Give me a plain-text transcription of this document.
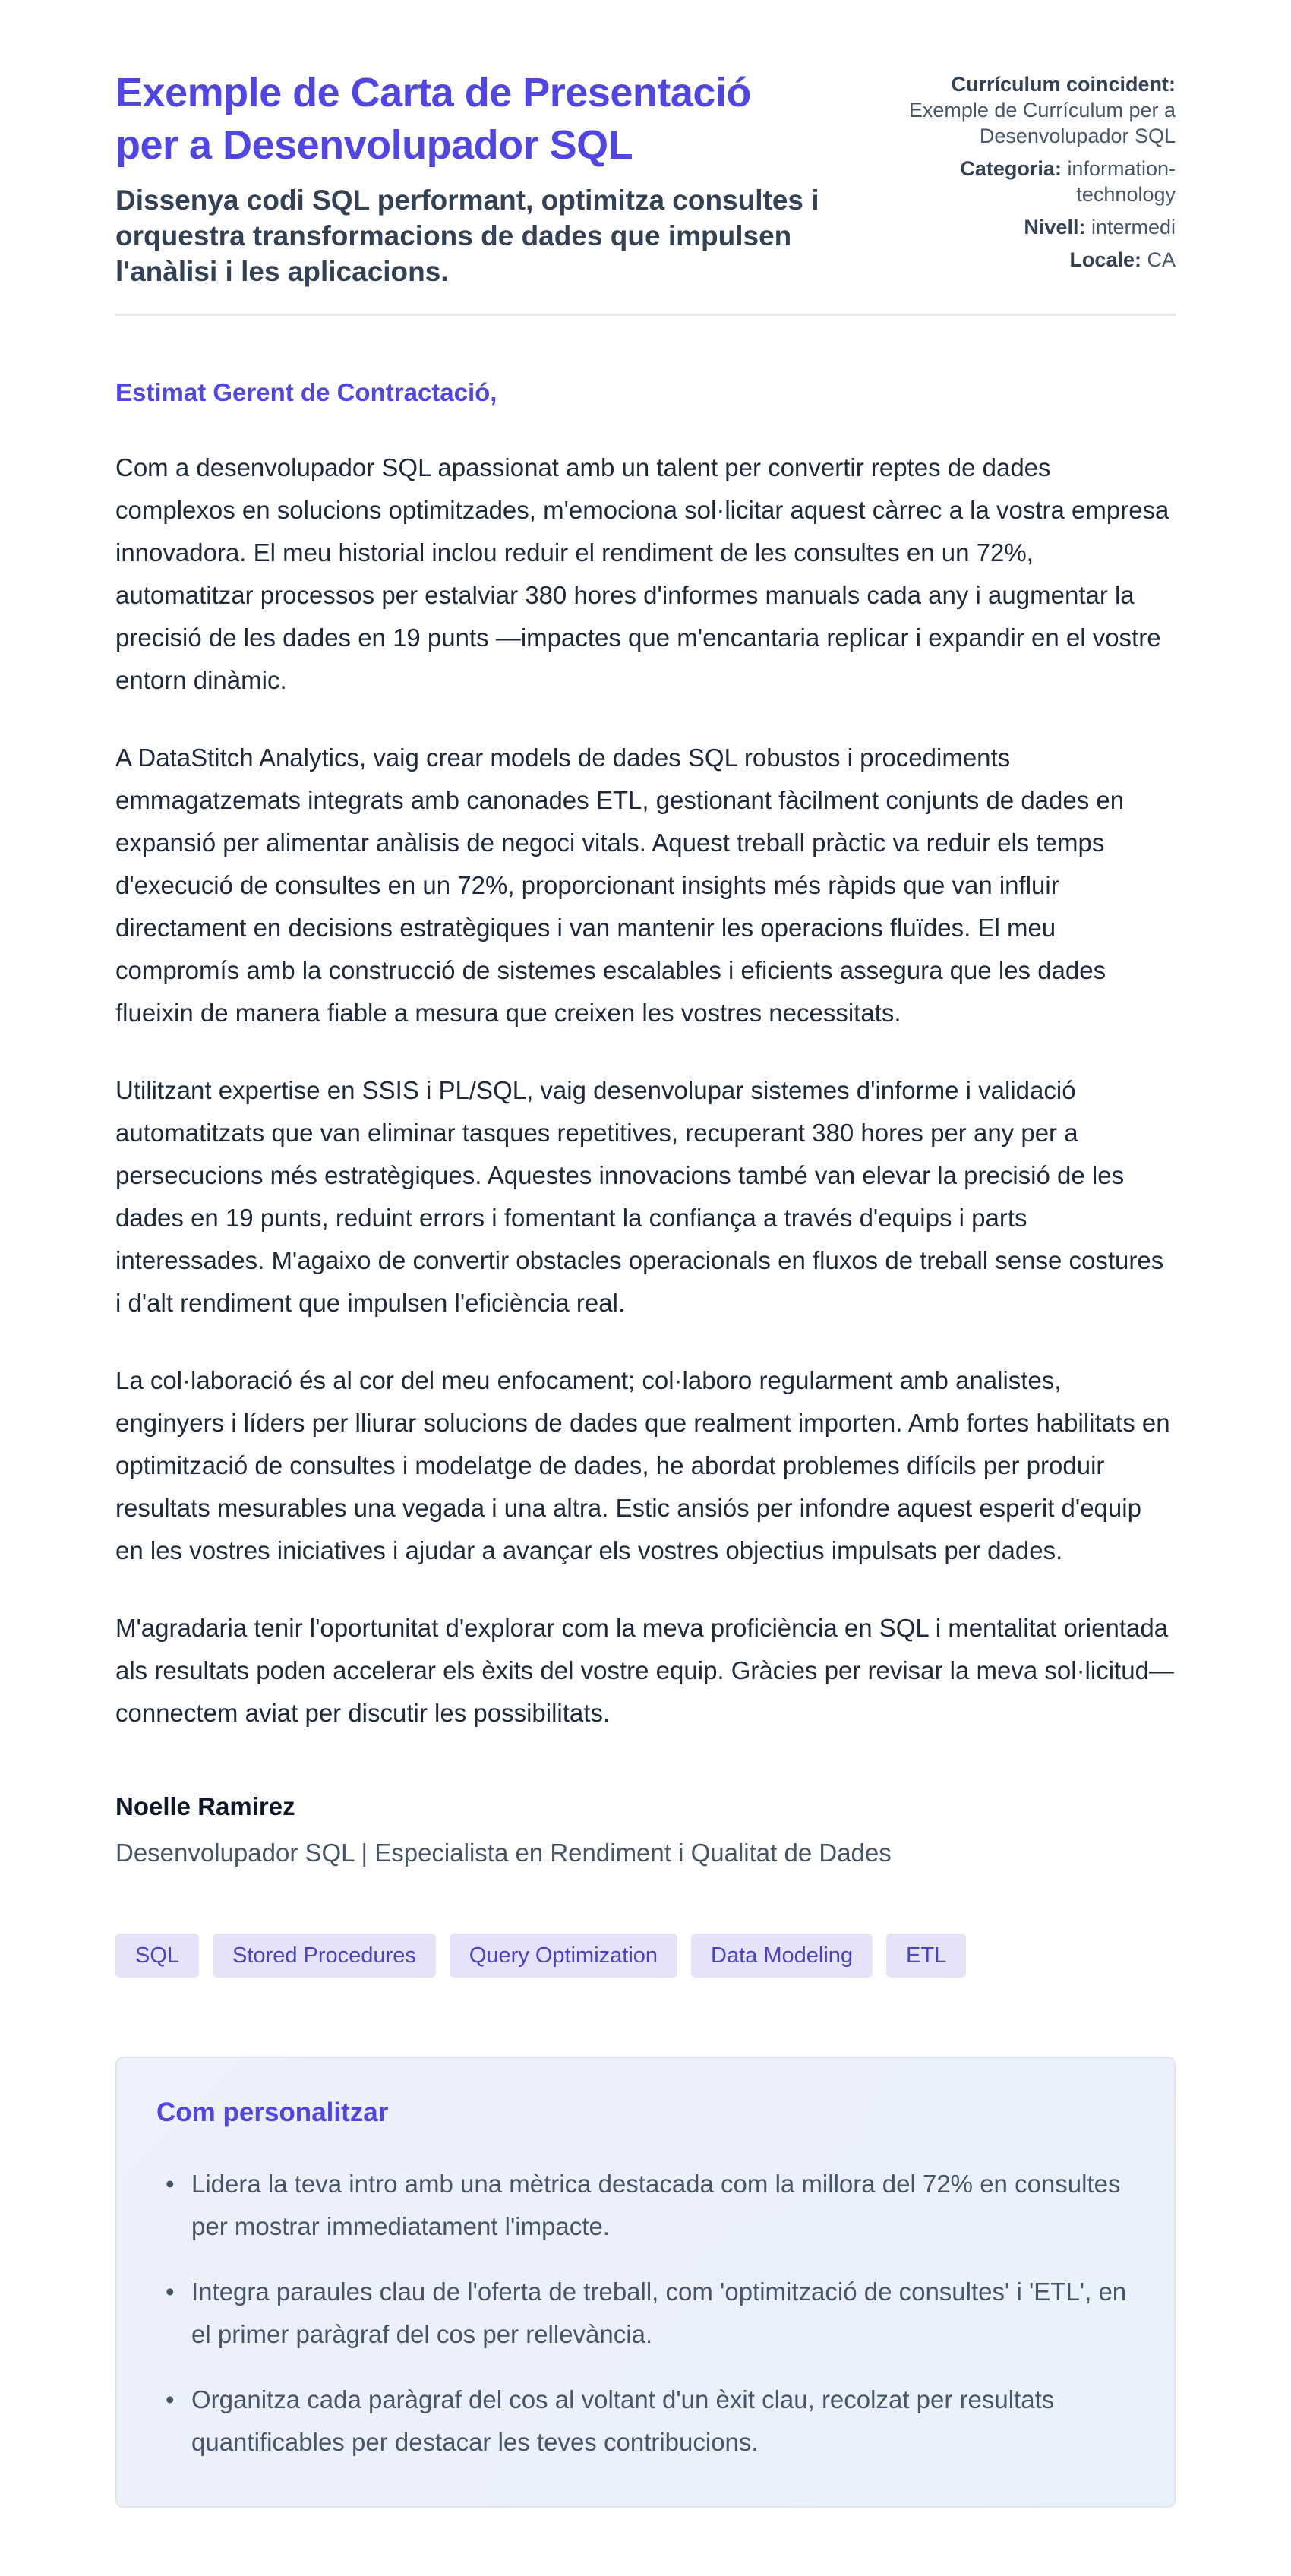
Exemple de Carta de Presentació per a Desenvolupador SQL

Dissenya codi SQL performant, optimitza consultes i orquestra transformacions de dades que impulsen l'anàlisi i les aplicacions.

Currículum coincident: Exemple de Currículum per a Desenvolupador SQL

Categoria: information-technology

Nivell: intermedi

Locale: CA

Estimat Gerent de Contractació,

Com a desenvolupador SQL apassionat amb un talent per convertir reptes de dades complexos en solucions optimitzades, m'emociona sol·licitar aquest càrrec a la vostra empresa innovadora. El meu historial inclou reduir el rendiment de les consultes en un 72%, automatitzar processos per estalviar 380 hores d'informes manuals cada any i augmentar la precisió de les dades en 19 punts —impactes que m'encantaria replicar i expandir en el vostre entorn dinàmic.

A DataStitch Analytics, vaig crear models de dades SQL robustos i procediments emmagatzemats integrats amb canonades ETL, gestionant fàcilment conjunts de dades en expansió per alimentar anàlisis de negoci vitals. Aquest treball pràctic va reduir els temps d'execució de consultes en un 72%, proporcionant insights més ràpids que van influir directament en decisions estratègiques i van mantenir les operacions fluïdes. El meu compromís amb la construcció de sistemes escalables i eficients assegura que les dades flueixin de manera fiable a mesura que creixen les vostres necessitats.

Utilitzant expertise en SSIS i PL/SQL, vaig desenvolupar sistemes d'informe i validació automatitzats que van eliminar tasques repetitives, recuperant 380 hores per any per a persecucions més estratègiques. Aquestes innovacions també van elevar la precisió de les dades en 19 punts, reduint errors i fomentant la confiança a través d'equips i parts interessades. M'agaixo de convertir obstacles operacionals en fluxos de treball sense costures i d'alt rendiment que impulsen l'eficiència real.

La col·laboració és al cor del meu enfocament; col·laboro regularment amb analistes, enginyers i líders per lliurar solucions de dades que realment importen. Amb fortes habilitats en optimització de consultes i modelatge de dades, he abordat problemes difícils per produir resultats mesurables una vegada i una altra. Estic ansiós per infondre aquest esperit d'equip en les vostres iniciatives i ajudar a avançar els vostres objectius impulsats per dades.

M'agradaria tenir l'oportunitat d'explorar com la meva proficiència en SQL i mentalitat orientada als resultats poden accelerar els èxits del vostre equip. Gràcies per revisar la meva sol·licitud—connectem aviat per discutir les possibilitats.

Noelle Ramirez

Desenvolupador SQL | Especialista en Rendiment i Qualitat de Dades

SQL	Stored Procedures	Query Optimization	Data Modeling	ETL
Com personalitzar
• Lidera la teva intro amb una mètrica destacada com la millora del 72% en consultes per mostrar immediatament l'impacte.
• Integra paraules clau de l'oferta de treball, com 'optimització de consultes' i 'ETL', en el primer paràgraf del cos per rellevància.
• Organitza cada paràgraf del cos al voltant d'un èxit clau, recolzat per resultats quantificables per destacar les teves contribucions.
